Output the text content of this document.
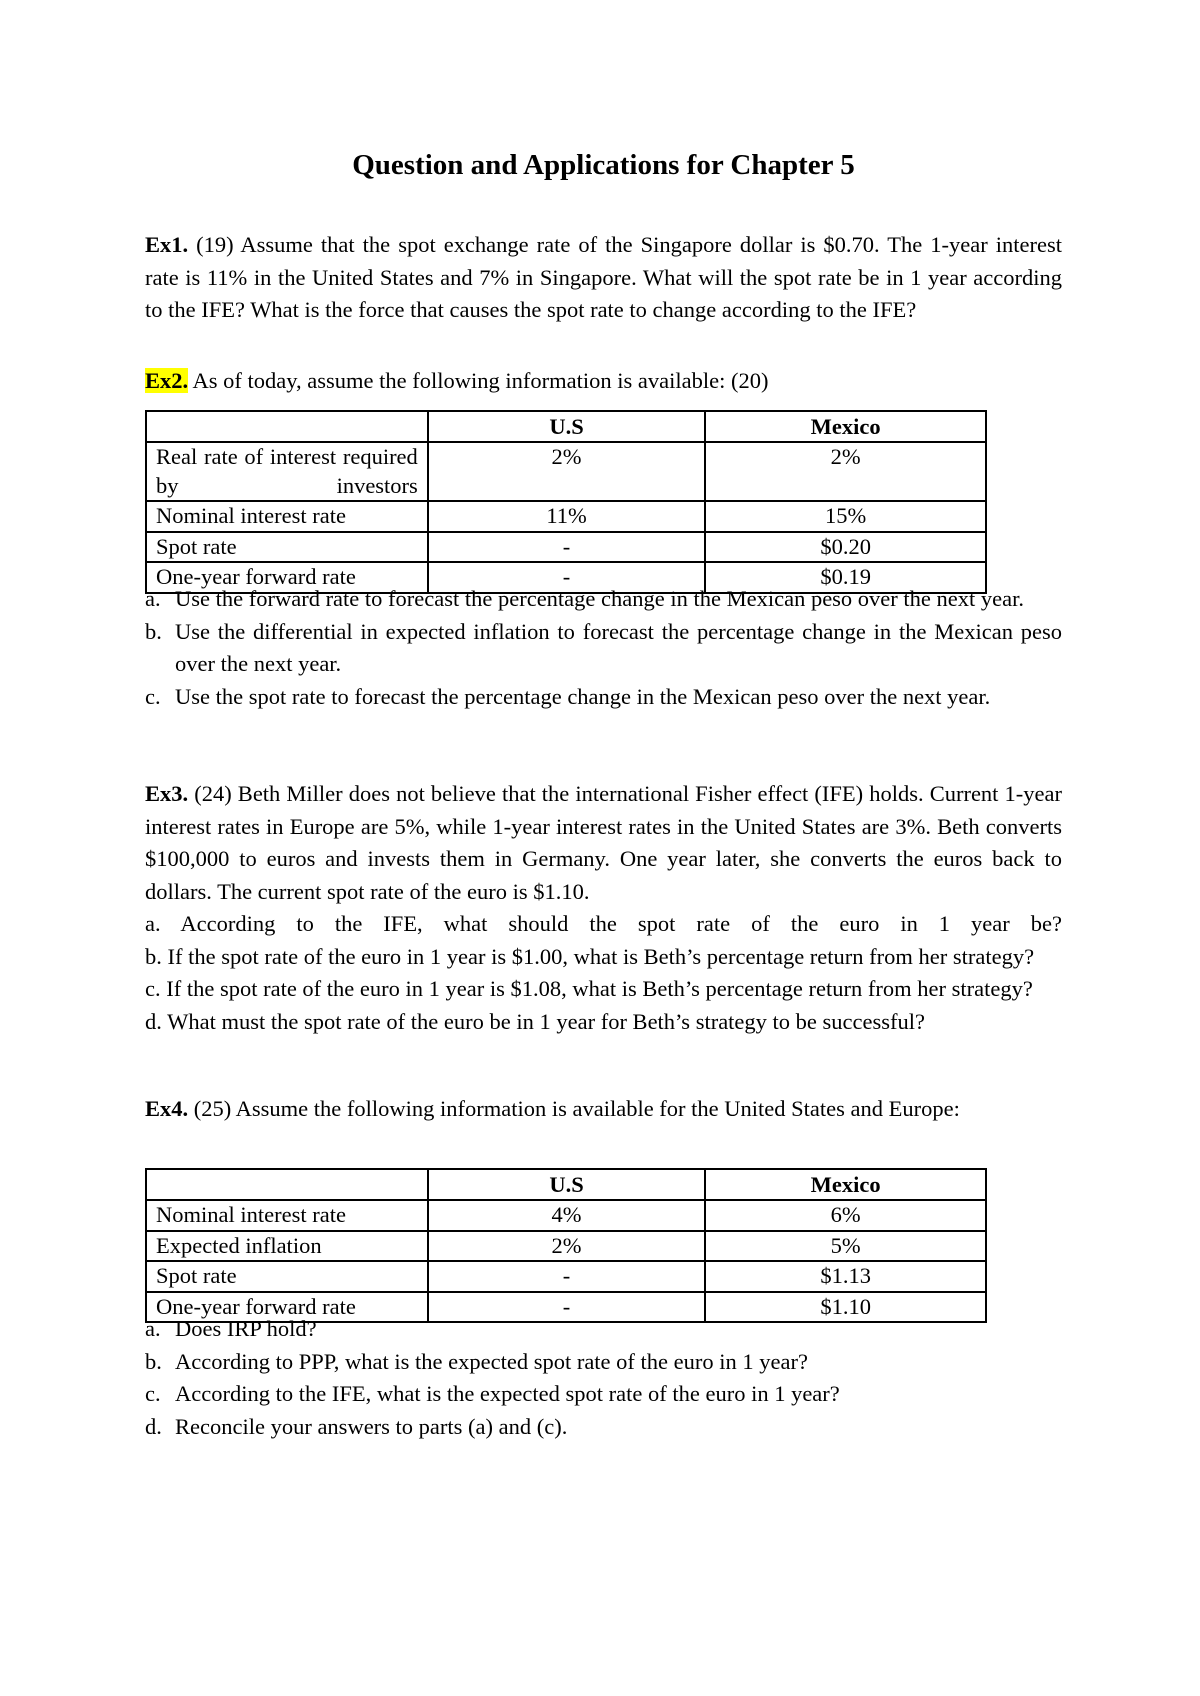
Question and Applications for Chapter 5

Ex1. (19) Assume that the spot exchange rate of the Singapore dollar is $0.70. The 1-year interest rate is 11% in the United States and 7% in Singapore. What will the spot rate be in 1 year according to the IFE? What is the force that causes the spot rate to change according to the IFE?

Ex2. As of today, assume the following information is available: (20)

	U.S	Mexico
Real rate of interest required by investors	2%	2%
Nominal interest rate	11%	15%
Spot rate	-	$0.20
One-year forward rate	-	$0.19
a. Use the forward rate to forecast the percentage change in the Mexican peso over the next year.
b. Use the differential in expected inflation to forecast the percentage change in the Mexican peso over the next year.
c. Use the spot rate to forecast the percentage change in the Mexican peso over the next year.

Ex3. (24) Beth Miller does not believe that the international Fisher effect (IFE) holds. Current 1-year interest rates in Europe are 5%, while 1-year interest rates in the United States are 3%. Beth converts $100,000 to euros and invests them in Germany. One year later, she converts the euros back to dollars. The current spot rate of the euro is $1.10.

a. According to the IFE, what should the spot rate of the euro in 1 year be?

b. If the spot rate of the euro in 1 year is $1.00, what is Beth’s percentage return from her strategy?

c. If the spot rate of the euro in 1 year is $1.08, what is Beth’s percentage return from her strategy?

d. What must the spot rate of the euro be in 1 year for Beth’s strategy to be successful?

Ex4. (25) Assume the following information is available for the United States and Europe:

	U.S	Mexico
Nominal interest rate	4%	6%
Expected inflation	2%	5%
Spot rate	-	$1.13
One-year forward rate	-	$1.10
a. Does IRP hold?
b. According to PPP, what is the expected spot rate of the euro in 1 year?
c. According to the IFE, what is the expected spot rate of the euro in 1 year?
d. Reconcile your answers to parts (a) and (c).
